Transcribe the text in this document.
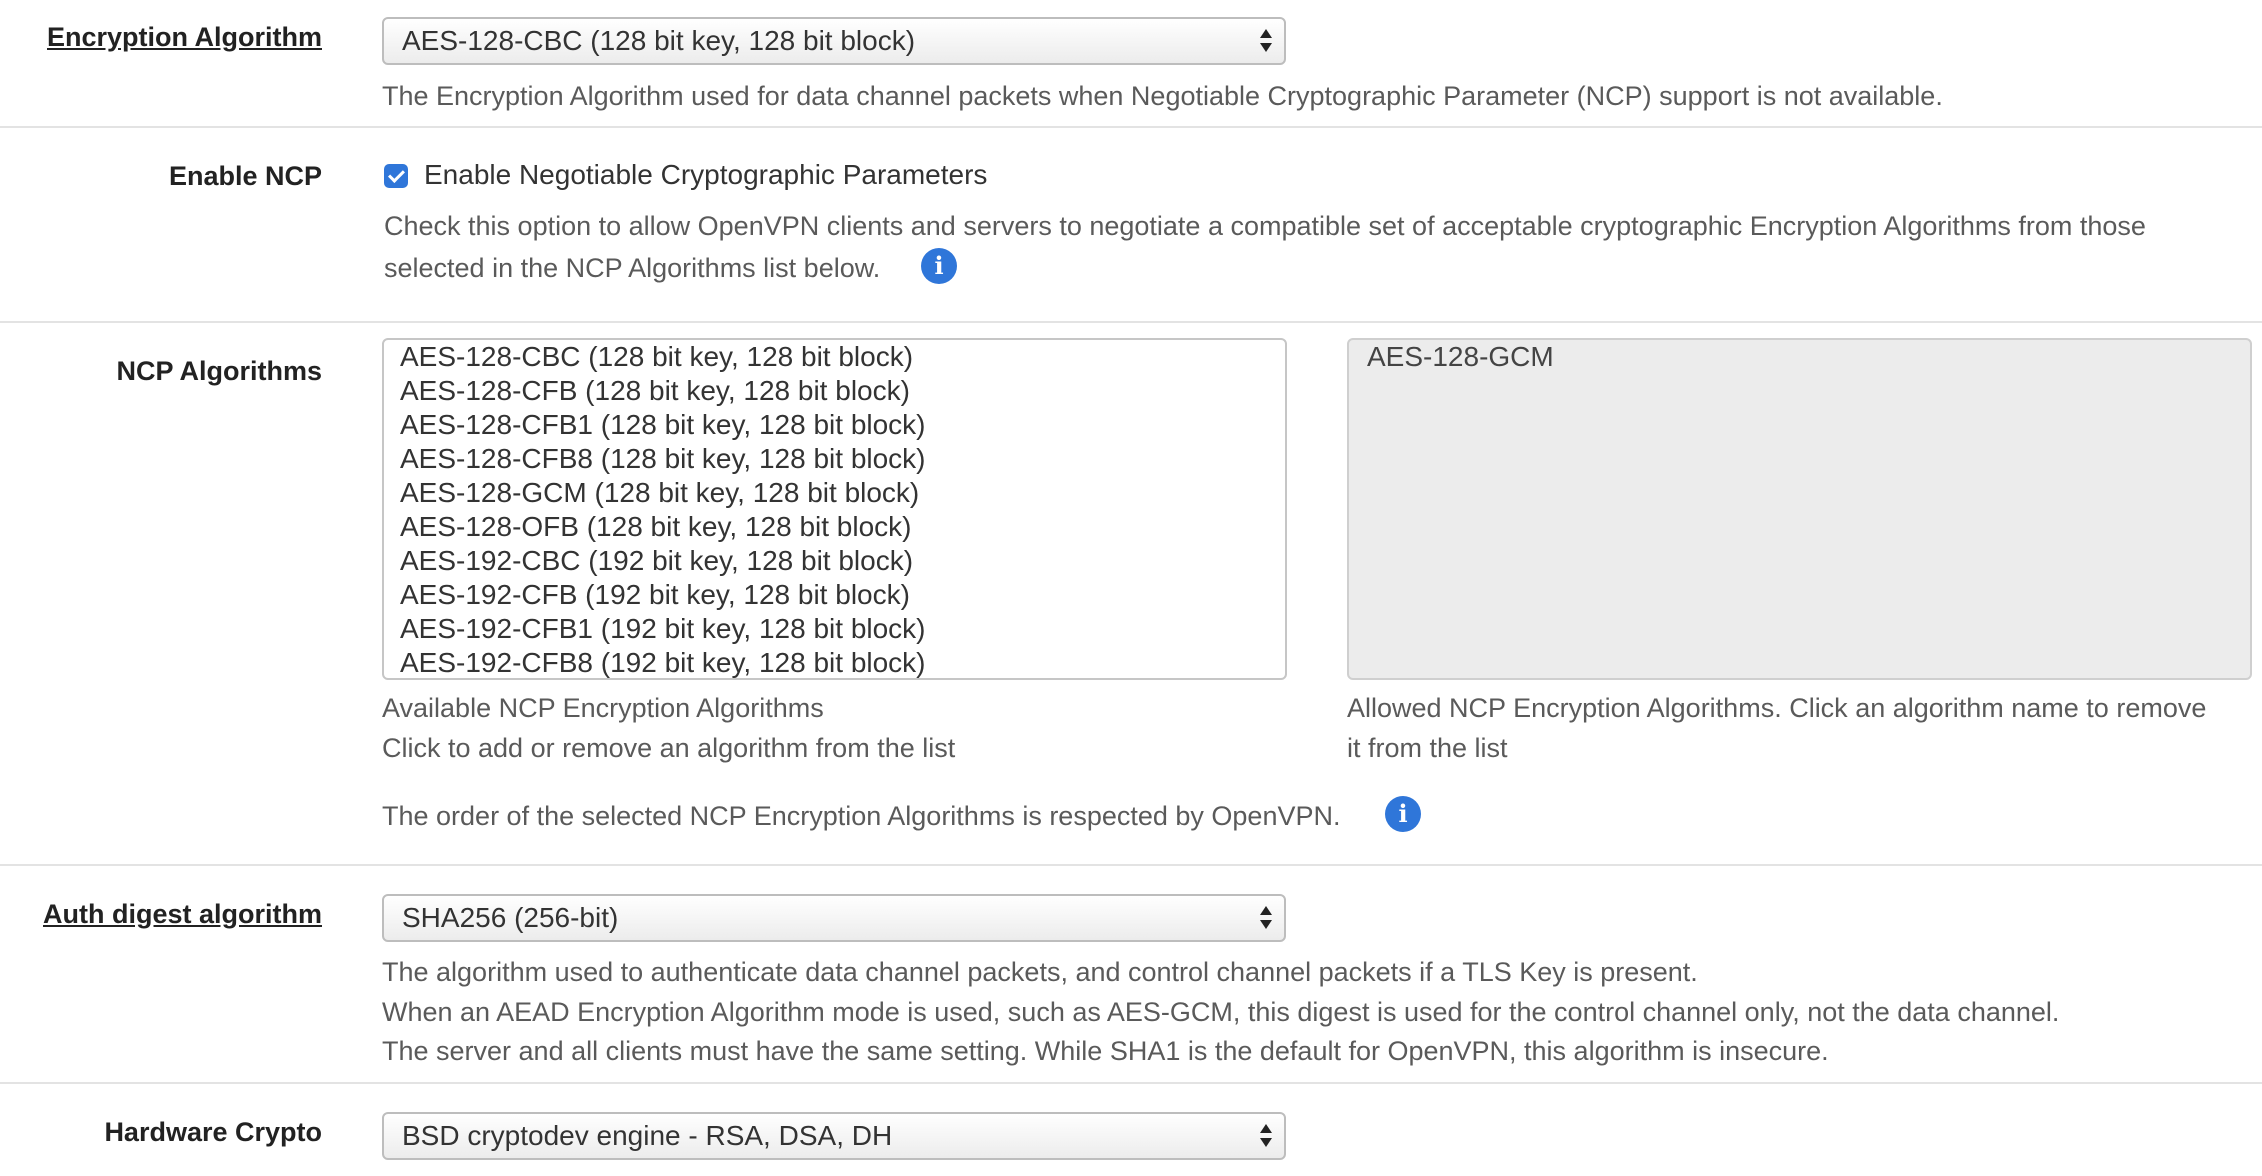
Encryption Algorithm	AES-128-CBC (128 bit key, 128 bit block)
The Encryption Algorithm used for data channel packets when Negotiable Cryptographic Parameter (NCP) support is not available.
Enable NCP	Enable Negotiable Cryptographic Parameters
Check this option to allow OpenVPN clients and servers to negotiate a compatible set of acceptable cryptographic Encryption Algorithms from those
selected in the NCP Algorithms list below.	i
NCP Algorithms	AES-128-CBC (128 bit key, 128 bit block)
AES-128-CFB (128 bit key, 128 bit block)
AES-128-CFB1 (128 bit key, 128 bit block)
AES-128-CFB8 (128 bit key, 128 bit block)
AES-128-GCM (128 bit key, 128 bit block)
AES-128-OFB (128 bit key, 128 bit block)
AES-192-CBC (192 bit key, 128 bit block)
AES-192-CFB (192 bit key, 128 bit block)
AES-192-CFB1 (192 bit key, 128 bit block)
AES-192-CFB8 (192 bit key, 128 bit block)
AES-128-GCM
Available NCP Encryption Algorithms
Click to add or remove an algorithm from the list
Allowed NCP Encryption Algorithms. Click an algorithm name to remove
it from the list
The order of the selected NCP Encryption Algorithms is respected by OpenVPN.	i
Auth digest algorithm	SHA256 (256-bit)
The algorithm used to authenticate data channel packets, and control channel packets if a TLS Key is present.
When an AEAD Encryption Algorithm mode is used, such as AES-GCM, this digest is used for the control channel only, not the data channel.
The server and all clients must have the same setting. While SHA1 is the default for OpenVPN, this algorithm is insecure.
Hardware Crypto	BSD cryptodev engine - RSA, DSA, DH
